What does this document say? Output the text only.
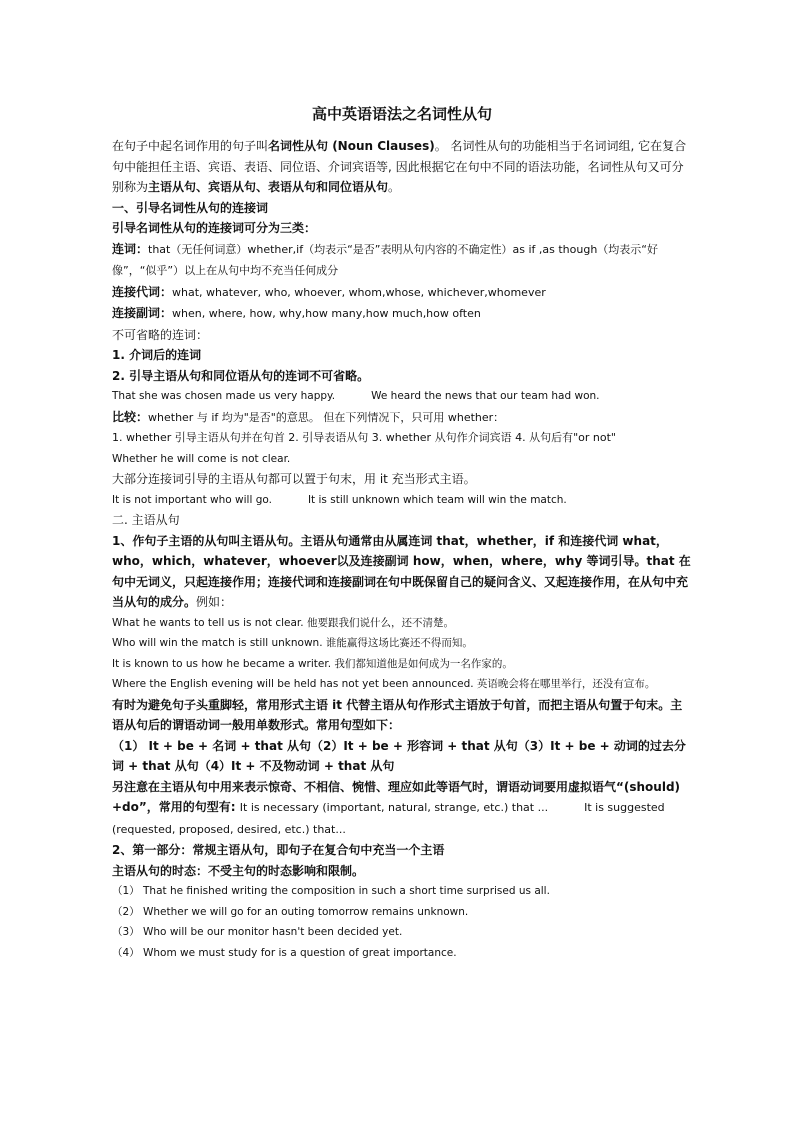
高中英语语法之名词性从句

在句子中起名词作用的句子叫名词性从句 (Noun Clauses)。 名词性从句的功能相当于名词词组, 它在复合句中能担任主语、宾语、表语、同位语、介词宾语等, 因此根据它在句中不同的语法功能，名词性从句又可分别称为主语从句、宾语从句、表语从句和同位语从句。

一、引导名词性从句的连接词

引导名词性从句的连接词可分为三类：

连词：that（无任何词意）whether,if（均表示“是否”表明从句内容的不确定性）as if ,as though（均表示“好像”，“似乎”）以上在从句中均不充当任何成分

连接代词：what, whatever, who, whoever, whom,whose, whichever,whomever

连接副词：when, where, how, why,how many,how much,how often

不可省略的连词：

1. 介词后的连词

2. 引导主语从句和同位语从句的连词不可省略。

That she was chosen made us very happy.	We heard the news that our team had won.

比较：whether 与 if 均为"是否"的意思。 但在下列情况下，只可用 whether：

1. whether 引导主语从句并在句首 2. 引导表语从句 3. whether 从句作介词宾语 4. 从句后有"or not"

Whether he will come is not clear.

大部分连接词引导的主语从句都可以置于句末，用 it 充当形式主语。

It is not important who will go.	It is still unknown which team will win the match.

二. 主语从句

1、作句子主语的从句叫主语从句。主语从句通常由从属连词 that，whether，if 和连接代词 what，who，which，whatever，whoever以及连接副词 how，when，where，why 等词引导。that 在句中无词义，只起连接作用；连接代词和连接副词在句中既保留自己的疑问含义、又起连接作用，在从句中充当从句的成分。例如：

What he wants to tell us is not clear. 他要跟我们说什么，还不清楚。

Who will win the match is still unknown. 谁能赢得这场比赛还不得而知。

It is known to us how he became a writer. 我们都知道他是如何成为一名作家的。

Where the English evening will be held has not yet been announced. 英语晚会将在哪里举行，还没有宣布。

有时为避免句子头重脚轻，常用形式主语 it 代替主语从句作形式主语放于句首，而把主语从句置于句末。主语从句后的谓语动词一般用单数形式。常用句型如下：

（1） It + be + 名词 + that 从句（2）It + be + 形容词 + that 从句（3）It + be + 动词的过去分词 + that 从句（4）It + 不及物动词 + that 从句

另注意在主语从句中用来表示惊奇、不相信、惋惜、理应如此等语气时，谓语动词要用虚拟语气“(should) +do”，常用的句型有: It is necessary (important, natural, strange, etc.) that ...	It is suggested (requested, proposed, desired, etc.) that...

2、第一部分：常规主语从句，即句子在复合句中充当一个主语

主语从句的时态：不受主句的时态影响和限制。

（1） That he finished writing the composition in such a short time surprised us all.

（2） Whether we will go for an outing tomorrow remains unknown.

（3） Who will be our monitor hasn't been decided yet.

（4） Whom we must study for is a question of great importance.
